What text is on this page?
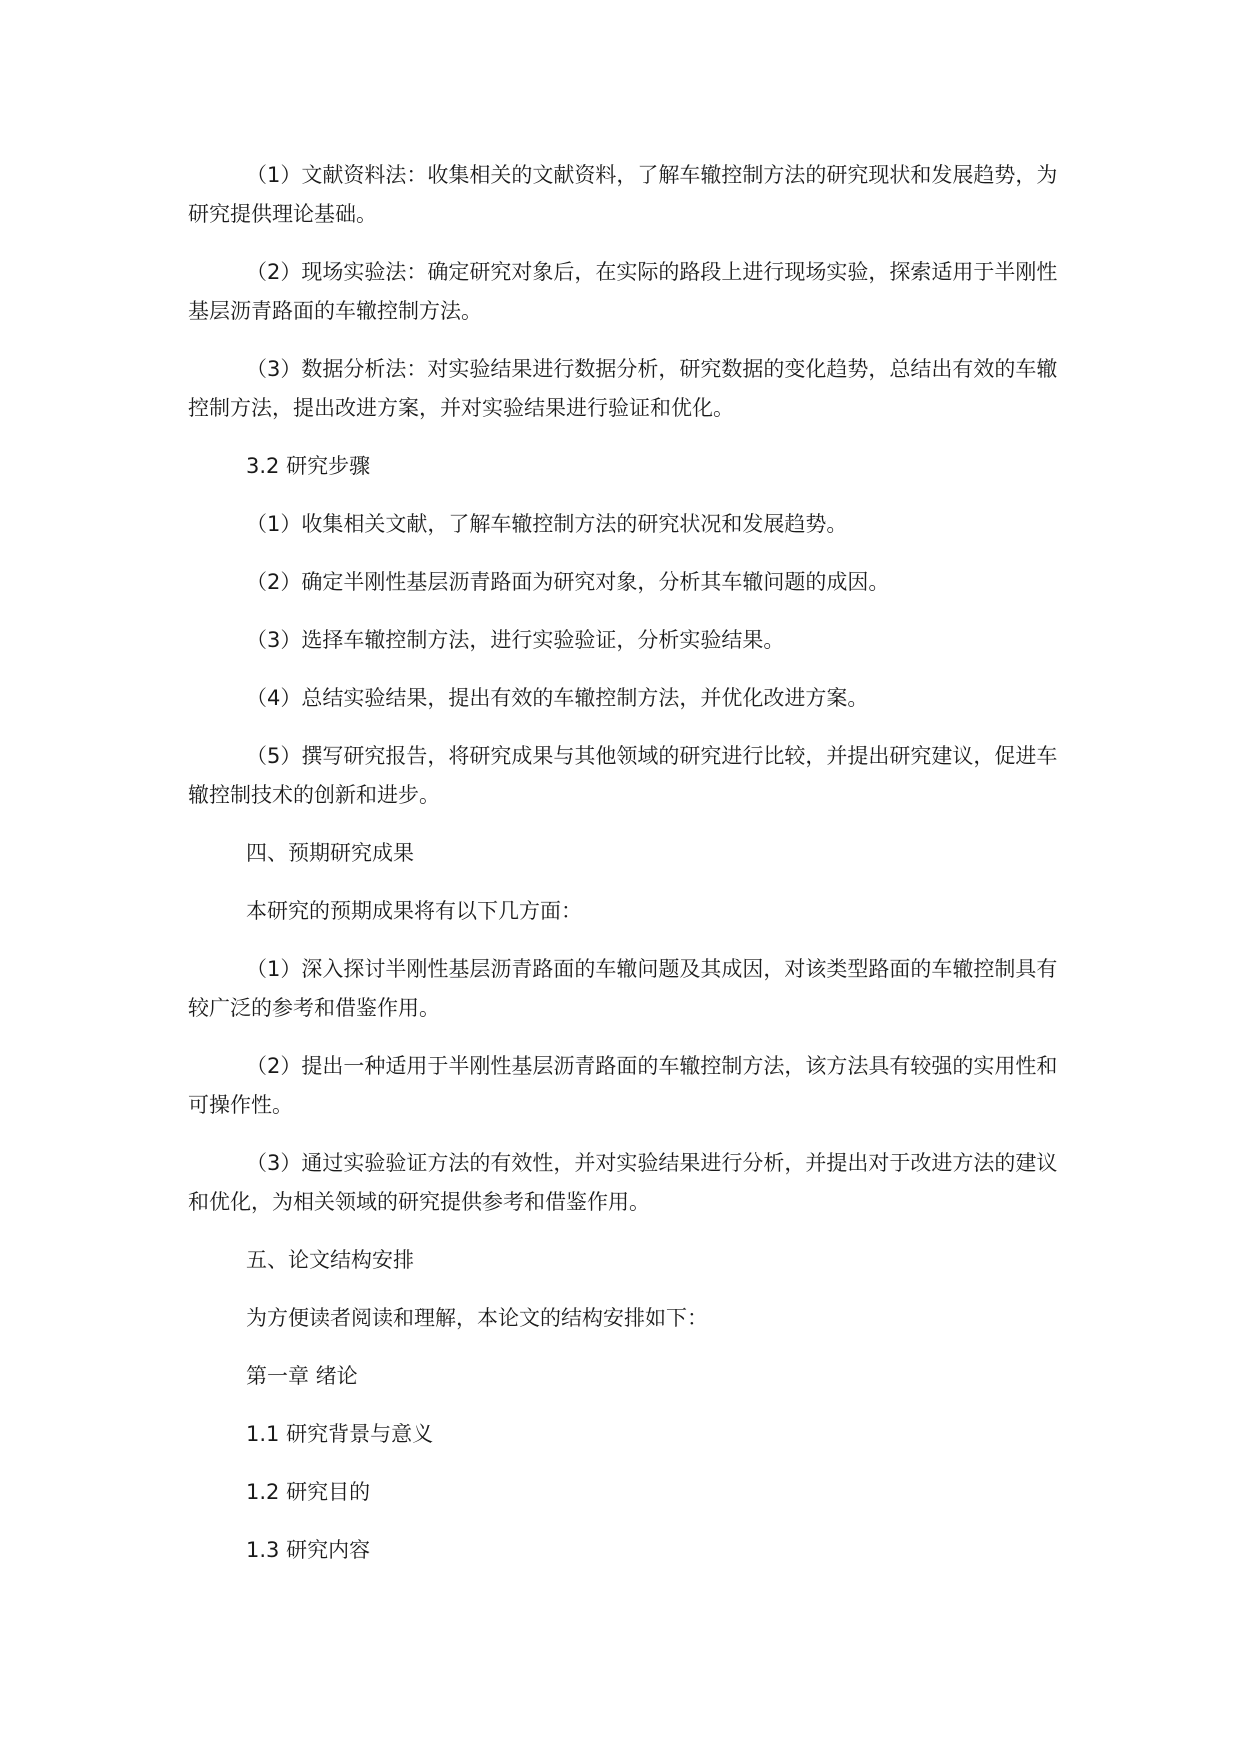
（1）文献资料法：收集相关的文献资料，了解车辙控制方法的研究现状和发展趋势，为研究提供理论基础。

（2）现场实验法：确定研究对象后，在实际的路段上进行现场实验，探索适用于半刚性基层沥青路面的车辙控制方法。

（3）数据分析法：对实验结果进行数据分析，研究数据的变化趋势，总结出有效的车辙控制方法，提出改进方案，并对实验结果进行验证和优化。

3.2 研究步骤

（1）收集相关文献，了解车辙控制方法的研究状况和发展趋势。

（2）确定半刚性基层沥青路面为研究对象，分析其车辙问题的成因。

（3）选择车辙控制方法，进行实验验证，分析实验结果。

（4）总结实验结果，提出有效的车辙控制方法，并优化改进方案。

（5）撰写研究报告，将研究成果与其他领域的研究进行比较，并提出研究建议，促进车辙控制技术的创新和进步。

四、预期研究成果

本研究的预期成果将有以下几方面：

（1）深入探讨半刚性基层沥青路面的车辙问题及其成因，对该类型路面的车辙控制具有较广泛的参考和借鉴作用。

（2）提出一种适用于半刚性基层沥青路面的车辙控制方法，该方法具有较强的实用性和可操作性。

（3）通过实验验证方法的有效性，并对实验结果进行分析，并提出对于改进方法的建议和优化，为相关领域的研究提供参考和借鉴作用。

五、论文结构安排

为方便读者阅读和理解，本论文的结构安排如下：

第一章 绪论

1.1 研究背景与意义

1.2 研究目的

1.3 研究内容
